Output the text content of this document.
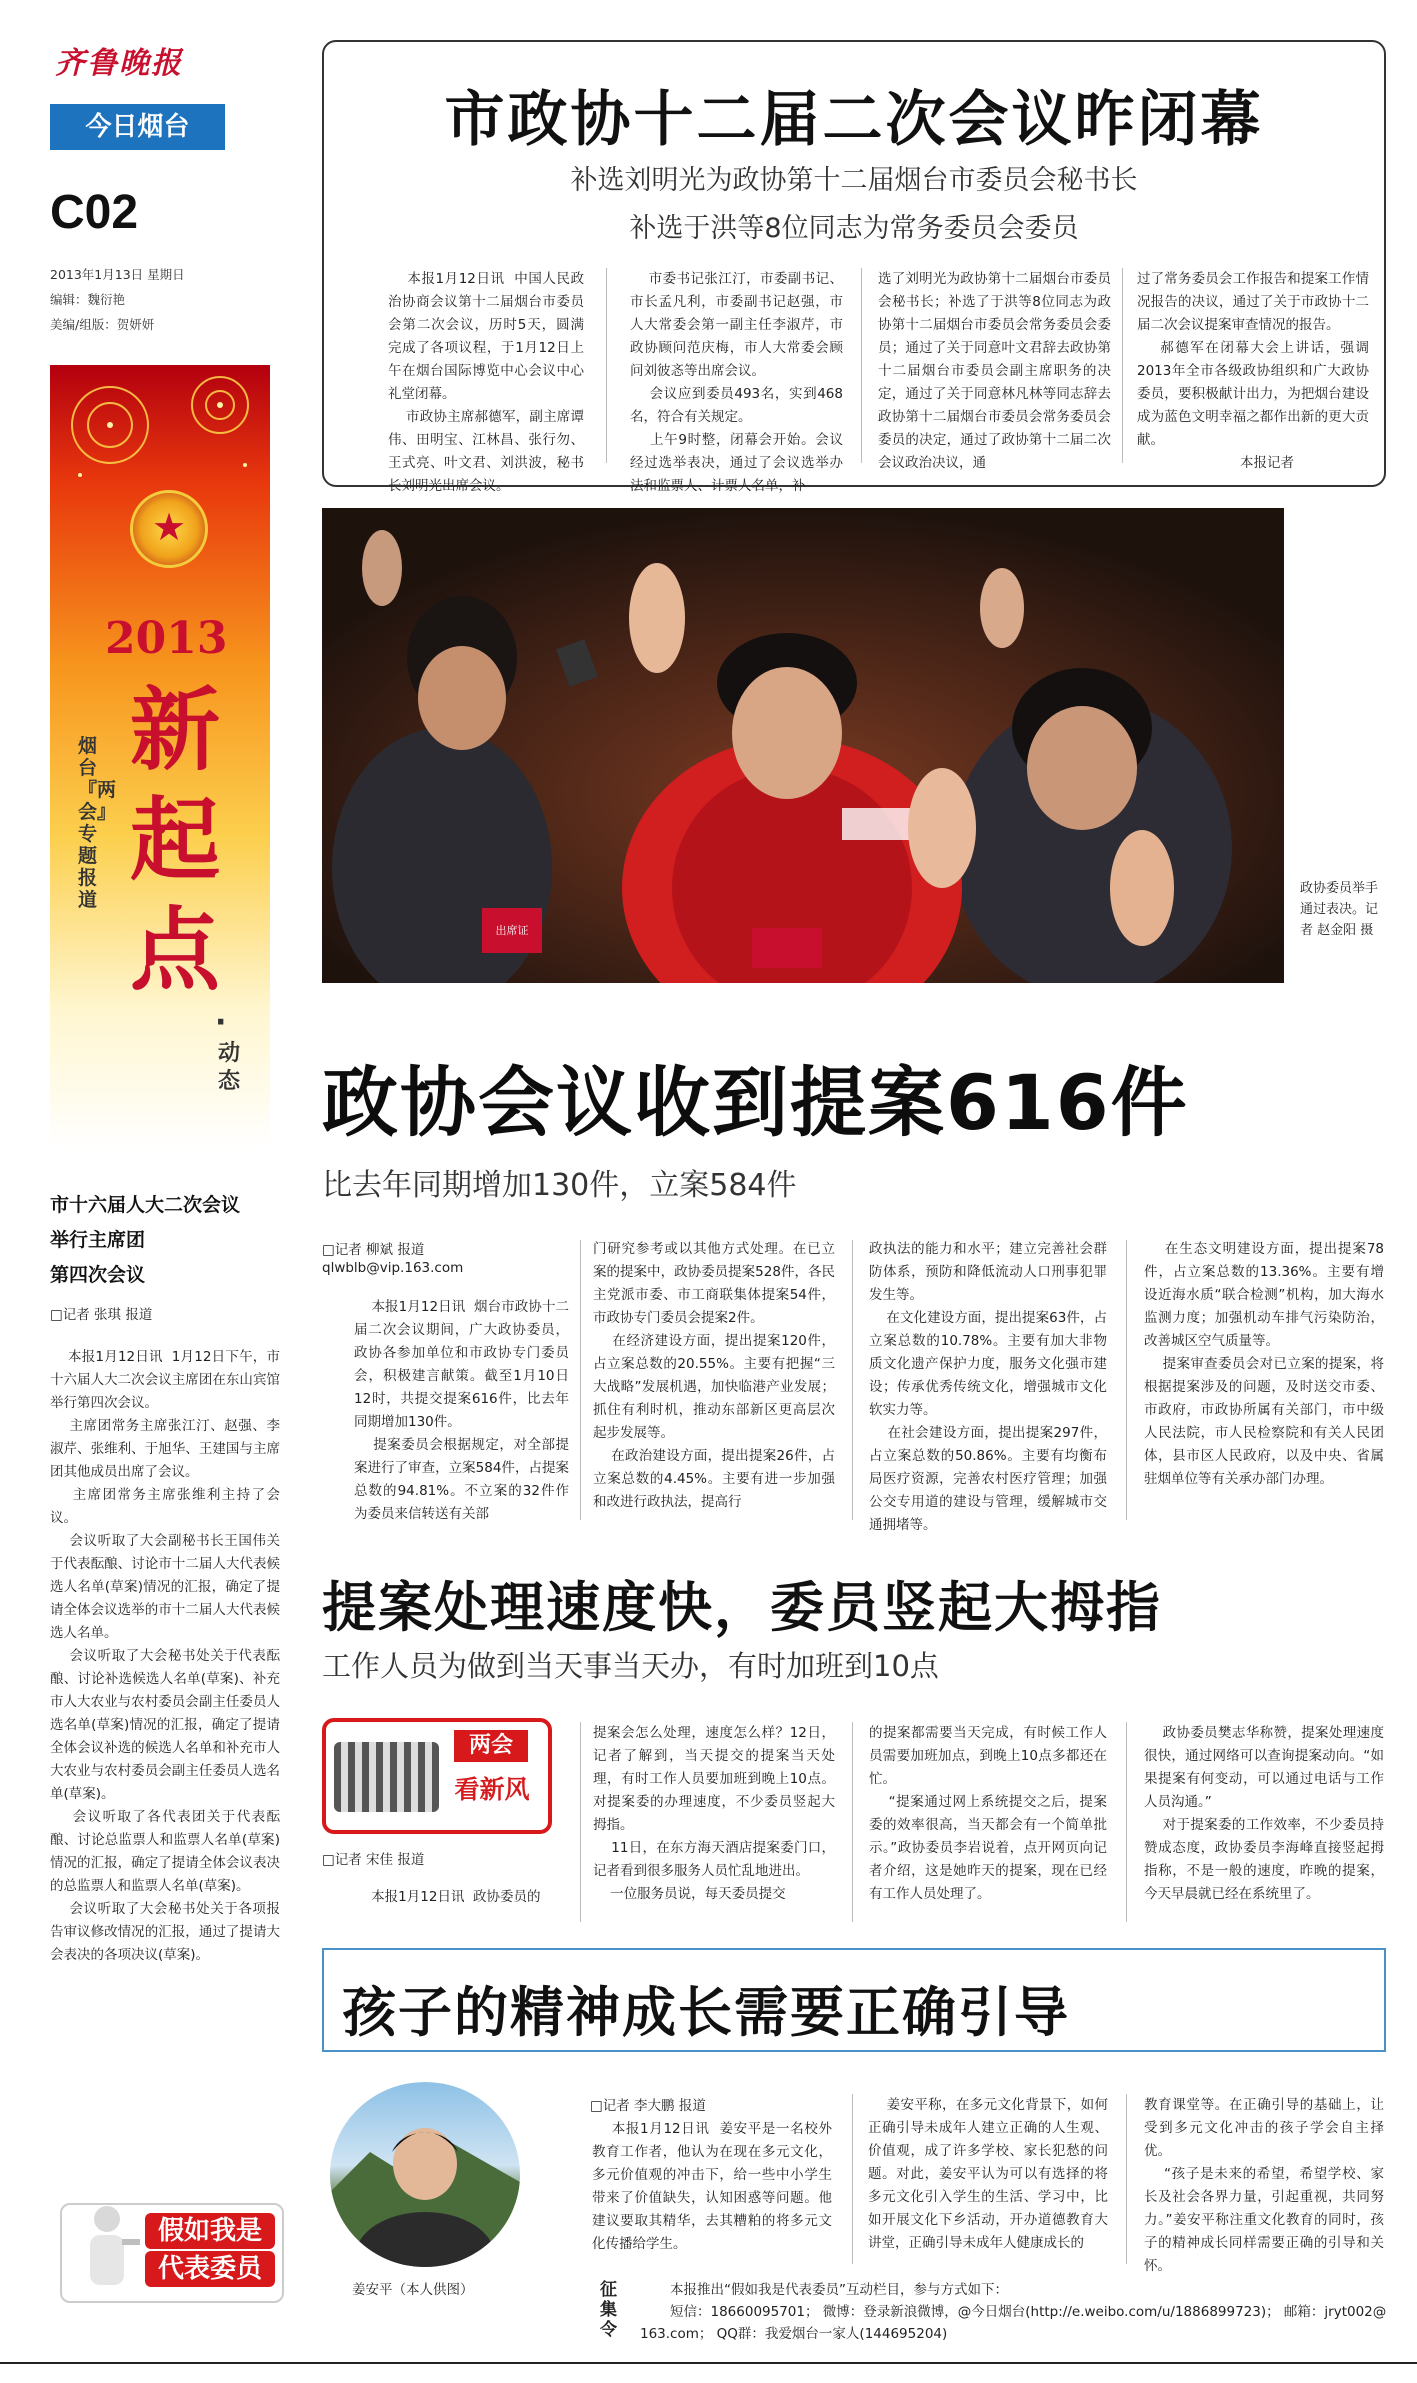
齐鲁晚报
今日烟台
C02
2013年1月13日 星期日
编辑：魏衍艳
美编/组版：贺妍妍
★
2013
烟台『两会』专题报道
新起点
·
动态
市十六届人大二次会议
举行主席团
第四次会议
□记者 张琪 报道
本报1月12日讯  1月12日下午，市十六届人大二次会议主席团在东山宾馆举行第四次会议。
主席团常务主席张江汀、赵强、李淑芹、张维利、于旭华、王建国与主席团其他成员出席了会议。
主席团常务主席张维利主持了会议。
会议听取了大会副秘书长王国伟关于代表酝酿、讨论市十二届人大代表候选人名单(草案)情况的汇报，确定了提请全体会议选举的市十二届人大代表候选人名单。
会议听取了大会秘书处关于代表酝酿、讨论补选候选人名单(草案)、补充市人大农业与农村委员会副主任委员人选名单(草案)情况的汇报，确定了提请全体会议补选的候选人名单和补充市人大农业与农村委员会副主任委员人选名单(草案)。
会议听取了各代表团关于代表酝酿、讨论总监票人和监票人名单(草案)情况的汇报，确定了提请全体会议表决的总监票人和监票人名单(草案)。
会议听取了大会秘书处关于各项报告审议修改情况的汇报，通过了提请大会表决的各项决议(草案)。
假如我是
代表委员
市政协十二届二次会议昨闭幕
补选刘明光为政协第十二届烟台市委员会秘书长
补选于洪等8位同志为常务委员会委员
本报1月12日讯  中国人民政治协商会议第十二届烟台市委员会第二次会议，历时5天，圆满完成了各项议程，于1月12日上午在烟台国际博览中心会议中心礼堂闭幕。
市政协主席郝德军，副主席谭伟、田明宝、江林昌、张行勿、王式亮、叶文君、刘洪波，秘书长刘明光出席会议。
市委书记张江汀，市委副书记、市长孟凡利，市委副书记赵强，市人大常委会第一副主任李淑芹，市政协顾问范庆梅，市人大常委会顾问刘彼忞等出席会议。
会议应到委员493名，实到468名，符合有关规定。
上午9时整，闭幕会开始。会议经过选举表决，通过了会议选举办法和监票人、计票人名单，补
选了刘明光为政协第十二届烟台市委员会秘书长；补选了于洪等8位同志为政协第十二届烟台市委员会常务委员会委员；通过了关于同意叶文君辞去政协第十二届烟台市委员会副主席职务的决定，通过了关于同意林凡林等同志辞去政协第十二届烟台市委员会常务委员会委员的决定，通过了政协第十二届二次会议政治决议，通
过了常务委员会工作报告和提案工作情况报告的决议，通过了关于市政协十二届二次会议提案审查情况的报告。
郝德军在闭幕大会上讲话，强调2013年全市各级政协组织和广大政协委员，要积极献计出力，为把烟台建设成为蓝色文明幸福之都作出新的更大贡献。
本报记者
出席证
政协委员举手通过表决。记者 赵金阳 摄
政协会议收到提案616件
比去年同期增加130件，立案584件
□记者 柳斌 报道
qlwblb@vip.163.com
本报1月12日讯  烟台市政协十二届二次会议期间，广大政协委员，政协各参加单位和市政协专门委员会，积极建言献策。截至1月10日12时，共提交提案616件，比去年同期增加130件。
提案委员会根据规定，对全部提案进行了审查，立案584件，占提案总数的94.81%。不立案的32件作为委员来信转送有关部
门研究参考或以其他方式处理。在已立案的提案中，政协委员提案528件，各民主党派市委、市工商联集体提案54件，市政协专门委员会提案2件。
在经济建设方面，提出提案120件，占立案总数的20.55%。主要有把握“三大战略”发展机遇，加快临港产业发展；抓住有利时机，推动东部新区更高层次起步发展等。
在政治建设方面，提出提案26件，占立案总数的4.45%。主要有进一步加强和改进行政执法，提高行
政执法的能力和水平；建立完善社会群防体系，预防和降低流动人口刑事犯罪发生等。
在文化建设方面，提出提案63件，占立案总数的10.78%。主要有加大非物质文化遗产保护力度，服务文化强市建设；传承优秀传统文化，增强城市文化软实力等。
在社会建设方面，提出提案297件，占立案总数的50.86%。主要有均衡布局医疗资源，完善农村医疗管理；加强公交专用道的建设与管理，缓解城市交通拥堵等。
在生态文明建设方面，提出提案78件，占立案总数的13.36%。主要有增设近海水质“联合检测”机构，加大海水监测力度；加强机动车排气污染防治，改善城区空气质量等。
提案审查委员会对已立案的提案，将根据提案涉及的问题，及时送交市委、市政府，市政协所属有关部门，市中级人民法院，市人民检察院和有关人民团体，县市区人民政府，以及中央、省属驻烟单位等有关承办部门办理。
提案处理速度快，委员竖起大拇指
工作人员为做到当天事当天办，有时加班到10点
两会
看新风
□记者 宋佳 报道
本报1月12日讯  政协委员的
提案会怎么处理，速度怎么样？12日，记者了解到，当天提交的提案当天处理，有时工作人员要加班到晚上10点。对提案委的办理速度，不少委员竖起大拇指。
11日，在东方海天酒店提案委门口，记者看到很多服务人员忙乱地进出。
一位服务员说，每天委员提交
的提案都需要当天完成，有时候工作人员需要加班加点，到晚上10点多都还在忙。
“提案通过网上系统提交之后，提案委的效率很高，当天都会有一个简单批示。”政协委员李岩说着，点开网页向记者介绍，这是她昨天的提案，现在已经有工作人员处理了。
政协委员樊志华称赞，提案处理速度很快，通过网络可以查询提案动向。“如果提案有何变动，可以通过电话与工作人员沟通。”
对于提案委的工作效率，不少委员持赞成态度，政协委员李海峰直接竖起拇指称，不是一般的速度，昨晚的提案，今天早晨就已经在系统里了。
孩子的精神成长需要正确引导
姜安平（本人供图）
□记者 李大鹏 报道
本报1月12日讯  姜安平是一名校外教育工作者，他认为在现在多元文化，多元价值观的冲击下，给一些中小学生带来了价值缺失，认知困惑等问题。他建议要取其精华，去其糟粕的将多元文化传播给学生。
姜安平称，在多元文化背景下，如何正确引导未成年人建立正确的人生观、价值观，成了许多学校、家长犯愁的问题。对此，姜安平认为可以有选择的将多元文化引入学生的生活、学习中，比如开展文化下乡活动，开办道德教育大讲堂，正确引导未成年人健康成长的
教育课堂等。在正确引导的基础上，让受到多元文化冲击的孩子学会自主择优。
“孩子是未来的希望，希望学校、家长及社会各界力量，引起重视，共同努力。”姜安平称注重文化教育的同时，孩子的精神成长同样需要正确的引导和关怀。
征集令
本报推出“假如我是代表委员”互动栏目，参与方式如下：
短信：18660095701； 微博：登录新浪微博，@今日烟台(http://e.weibo.com/u/1886899723)； 邮箱：jryt002@
163.com； QQ群：我爱烟台一家人(144695204)
